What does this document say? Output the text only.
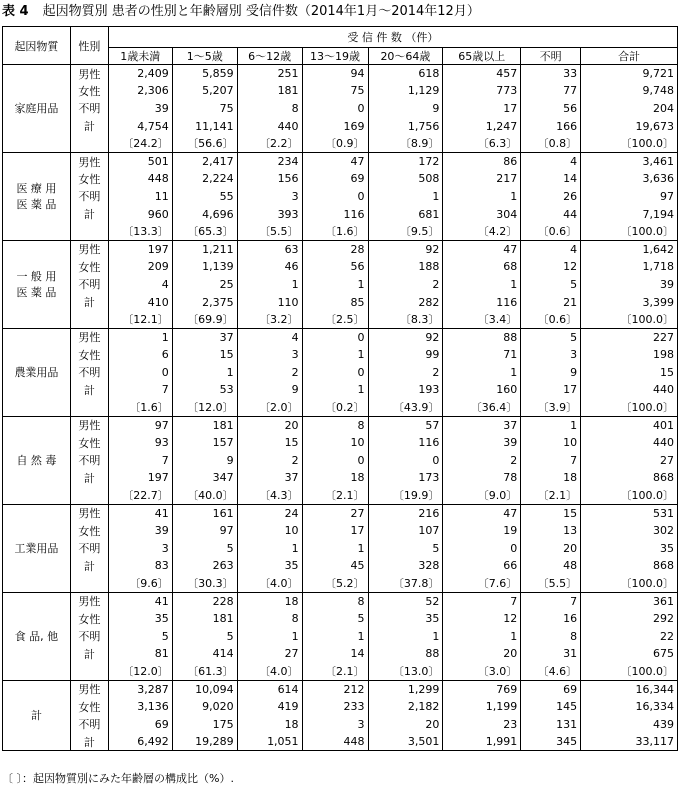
表 4 起因物質別 患者の性別と年齢層別 受信件数（2014年1月～2014年12月）
起因物質	性別	受 信 件 数 （件）							
		1歳未満	1～5歳	6～12歳	13～19歳	20～64歳	65歳以上	不明	合計
家庭用品	男性	2,409	5,859	251	94	618	457	33	9,721
	女性	2,306	5,207	181	75	1,129	773	77	9,748
	不明	39	75	8	0	9	17	56	204
	計	4,754	11,141	440	169	1,756	1,247	166	19,673
		〔24.2〕	〔56.6〕	〔2.2〕	〔0.9〕	〔8.9〕	〔6.3〕	〔0.8〕	〔100.0〕
医 療 用
医 薬 品	男性	501	2,417	234	47	172	86	4	3,461
	女性	448	2,224	156	69	508	217	14	3,636
	不明	11	55	3	0	1	1	26	97
	計	960	4,696	393	116	681	304	44	7,194
		〔13.3〕	〔65.3〕	〔5.5〕	〔1.6〕	〔9.5〕	〔4.2〕	〔0.6〕	〔100.0〕
一 般 用
医 薬 品	男性	197	1,211	63	28	92	47	4	1,642
	女性	209	1,139	46	56	188	68	12	1,718
	不明	4	25	1	1	2	1	5	39
	計	410	2,375	110	85	282	116	21	3,399
		〔12.1〕	〔69.9〕	〔3.2〕	〔2.5〕	〔8.3〕	〔3.4〕	〔0.6〕	〔100.0〕
農業用品	男性	1	37	4	0	92	88	5	227
	女性	6	15	3	1	99	71	3	198
	不明	0	1	2	0	2	1	9	15
	計	7	53	9	1	193	160	17	440
		〔1.6〕	〔12.0〕	〔2.0〕	〔0.2〕	〔43.9〕	〔36.4〕	〔3.9〕	〔100.0〕
自 然 毒	男性	97	181	20	8	57	37	1	401
	女性	93	157	15	10	116	39	10	440
	不明	7	9	2	0	0	2	7	27
	計	197	347	37	18	173	78	18	868
		〔22.7〕	〔40.0〕	〔4.3〕	〔2.1〕	〔19.9〕	〔9.0〕	〔2.1〕	〔100.0〕
工業用品	男性	41	161	24	27	216	47	15	531
	女性	39	97	10	17	107	19	13	302
	不明	3	5	1	1	5	0	20	35
	計	83	263	35	45	328	66	48	868
		〔9.6〕	〔30.3〕	〔4.0〕	〔5.2〕	〔37.8〕	〔7.6〕	〔5.5〕	〔100.0〕
食 品, 他	男性	41	228	18	8	52	7	7	361
	女性	35	181	8	5	35	12	16	292
	不明	5	5	1	1	1	1	8	22
	計	81	414	27	14	88	20	31	675
		〔12.0〕	〔61.3〕	〔4.0〕	〔2.1〕	〔13.0〕	〔3.0〕	〔4.6〕	〔100.0〕
計	男性	3,287	10,094	614	212	1,299	769	69	16,344
	女性	3,136	9,020	419	233	2,182	1,199	145	16,334
	不明	69	175	18	3	20	23	131	439
	計	6,492	19,289	1,051	448	3,501	1,991	345	33,117
〔 〕：起因物質別にみた年齢層の構成比（%）.
